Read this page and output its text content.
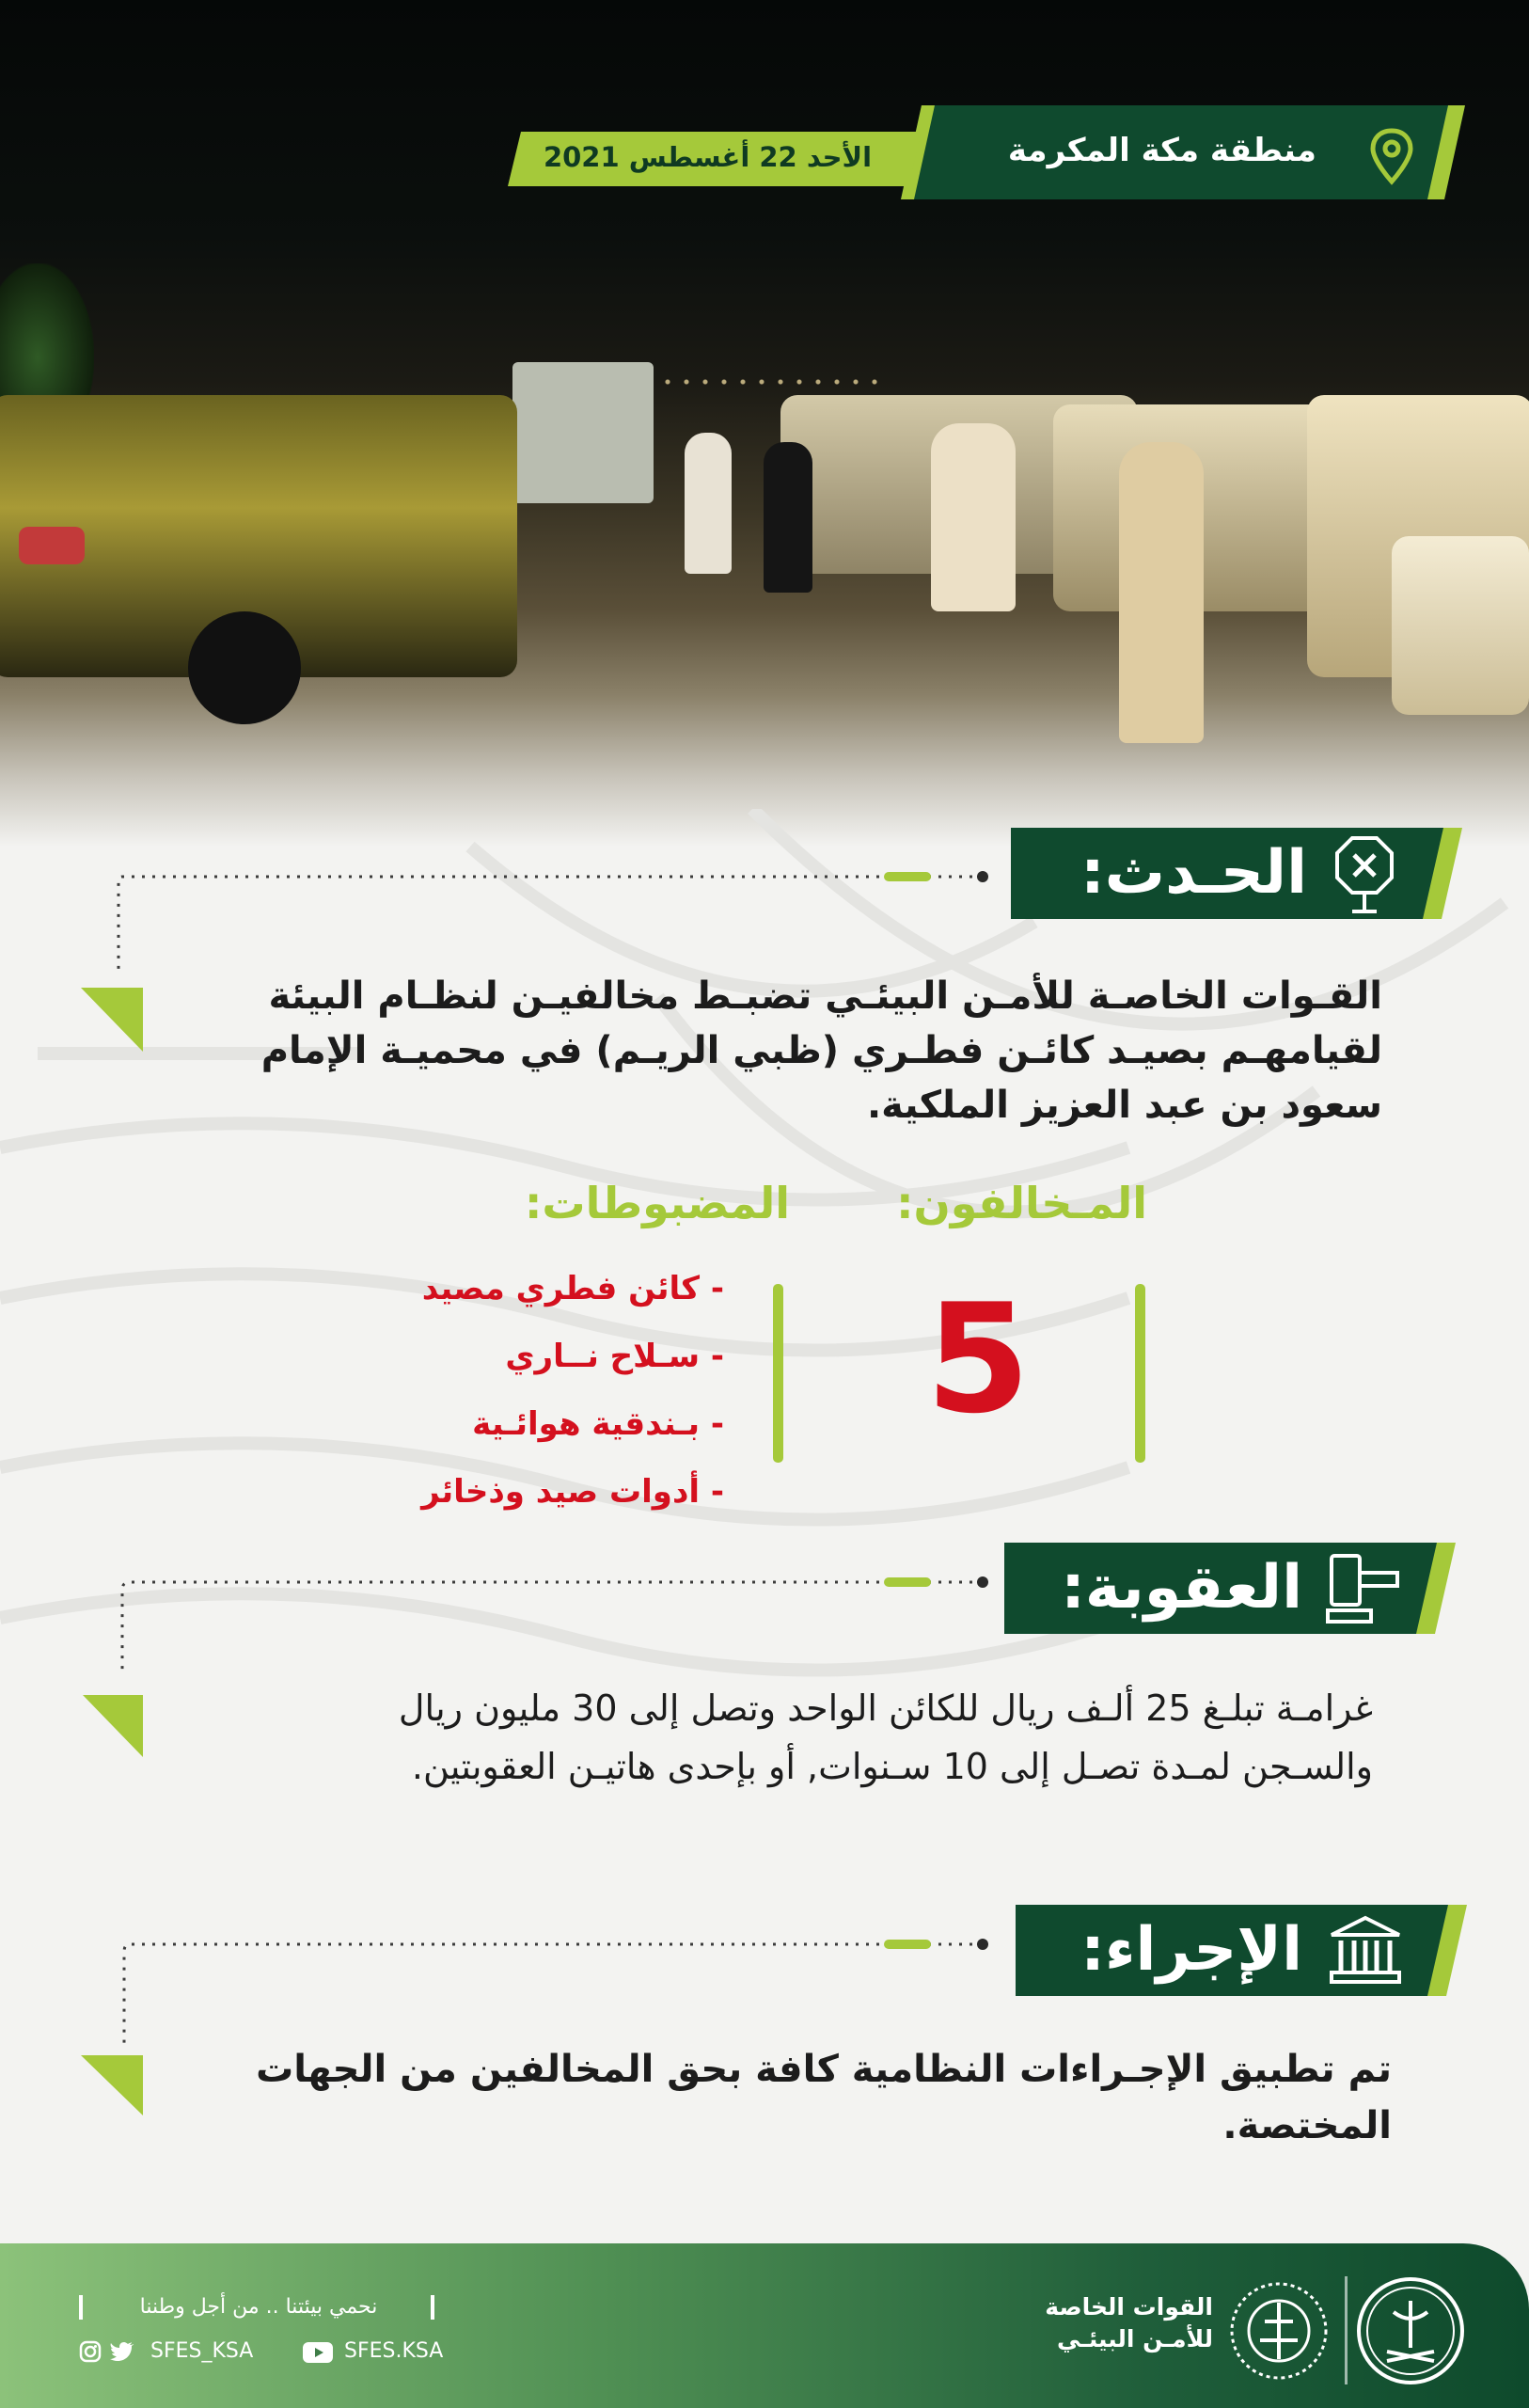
منطقة مكة المكرمة
الأحد 22 أغسطس 2021
الحـدث:
القـوات الخاصـة للأمـن البيئـي تضبـط مخالفيـن لنظـام البيئة
لقيامهـم بصيـد كائـن فطـري (ظبي الريـم) في محميـة الإمام
سعود بن عبد العزيز الملكية.
المـخالفون:
المضبوطات:
5
- كائن فطري مصيد
- سـلاح نــاري
- بـندقية هوائـية
- أدوات صيد وذخائر
العقوبة:
غرامـة تبلـغ 25 ألـف ريال للكائن الواحد وتصل إلى 30 مليون ريال
والسـجن لمـدة تصـل إلى 10 سـنوات, أو بإحدى هاتيـن العقوبتين.
الإجراء:
تم تطبيق الإجـراءات النظامية كافة بحق المخالفين من الجهات
المختصة.
نحمي بيئتنا .. من أجل وطننا
SFES_KSA	SFES.KSA
القوات الخاصة
للأمـن البيئـي
